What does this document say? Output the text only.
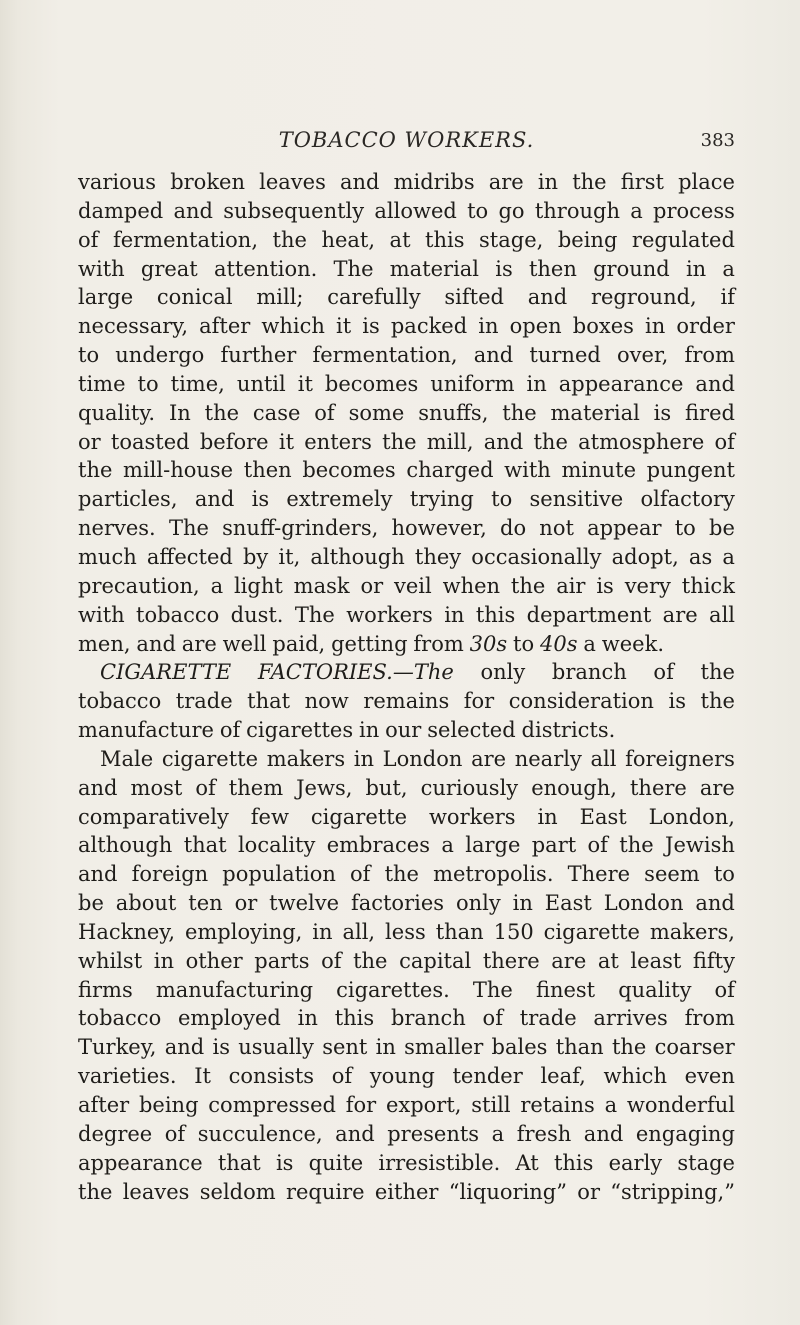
TOBACCO WORKERS.	383
various broken leaves and midribs are in the first place
damped and subsequently allowed to go through a process
of fermentation, the heat, at this stage, being regulated
with great attention. The material is then ground in a
large conical mill; carefully sifted and reground, if
necessary, after which it is packed in open boxes in order
to undergo further fermentation, and turned over, from
time to time, until it becomes uniform in appearance and
quality. In the case of some snuffs, the material is fired
or toasted before it enters the mill, and the atmosphere of
the mill-house then becomes charged with minute pungent
particles, and is extremely trying to sensitive olfactory
nerves. The snuff-grinders, however, do not appear to be
much affected by it, although they occasionally adopt, as a
precaution, a light mask or veil when the air is very thick
with tobacco dust. The workers in this department are all
men, and are well paid, getting from 30s to 40s a week.
CIGARETTE FACTORIES.—The only branch of the
tobacco trade that now remains for consideration is the
manufacture of cigarettes in our selected districts.
Male cigarette makers in London are nearly all foreigners
and most of them Jews, but, curiously enough, there are
comparatively few cigarette workers in East London,
although that locality embraces a large part of the Jewish
and foreign population of the metropolis. There seem to
be about ten or twelve factories only in East London and
Hackney, employing, in all, less than 150 cigarette makers,
whilst in other parts of the capital there are at least fifty
firms manufacturing cigarettes. The finest quality of
tobacco employed in this branch of trade arrives from
Turkey, and is usually sent in smaller bales than the coarser
varieties. It consists of young tender leaf, which even
after being compressed for export, still retains a wonderful
degree of succulence, and presents a fresh and engaging
appearance that is quite irresistible. At this early stage
the leaves seldom require either “liquoring” or “stripping,”
